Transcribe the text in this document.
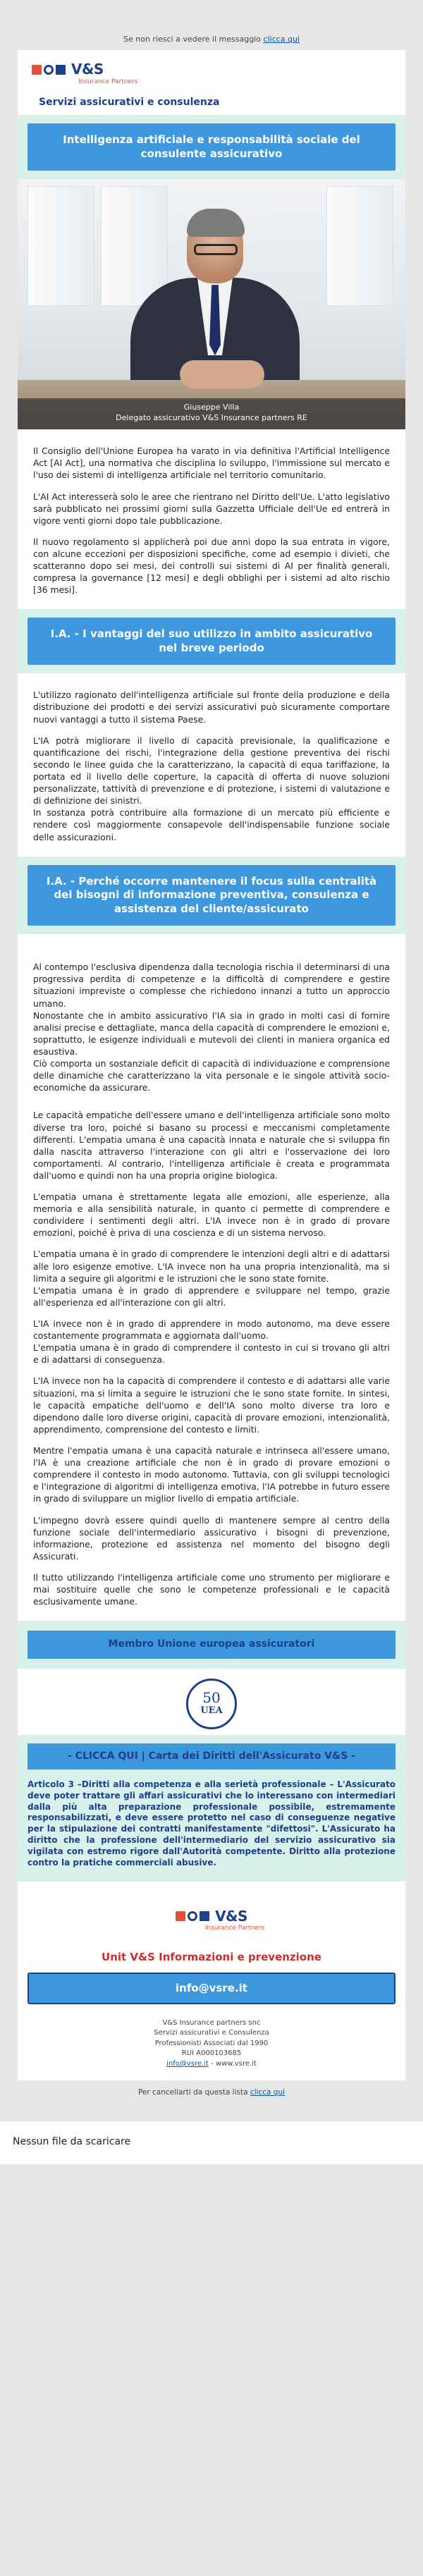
Se non riesci a vedere il messaggio clicca qui
V&S
Insurance Partners
Servizi assicurativi e consulenza
Intelligenza artificiale e responsabilità sociale del consulente assicurativo
Giuseppe Villa
Delegato assicurativo V&S Insurance partners RE

Il Consiglio dell'Unione Europea ha varato in via definitiva l'Artificial Intelligence Act [AI Act], una normativa che disciplina lo sviluppo, l'immissione sul mercato e l'uso dei sistemi di intelligenza artificiale nel territorio comunitario.

L'AI Act interesserà solo le aree che rientrano nel Diritto dell'Ue. L'atto legislativo sarà pubblicato nei prossimi giorni sulla Gazzetta Ufficiale dell'Ue ed entrerà in vigore venti giorni dopo tale pubblicazione.

Il nuovo regolamento si applicherà poi due anni dopo la sua entrata in vigore, con alcune eccezioni per disposizioni specifiche, come ad esempio i divieti, che scatteranno dopo sei mesi, dei controlli sui sistemi di AI per finalità generali, compresa la governance [12 mesi] e degli obblighi per i sistemi ad alto rischio [36 mesi].

I.A. - I vantaggi del suo utilizzo in ambito assicurativo nel breve periodo

L'utilizzo ragionato dell'intelligenza artificiale sul fronte della produzione e della distribuzione dei prodotti e dei servizi assicurativi può sicuramente comportare nuovi vantaggi a tutto il sistema Paese.

L'IA potrà migliorare il livello di capacità previsionale, la qualificazione e quantificazione dei rischi, l'integrazione della gestione preventiva dei rischi secondo le linee guida che la caratterizzano, la capacità di equa tariffazione, la portata ed il livello delle coperture, la capacità di offerta di nuove soluzioni personalizzate, tattività di prevenzione e di protezione, i sistemi di valutazione e di definizione dei sinistri.

In sostanza potrà contribuire alla formazione di un mercato più efficiente e rendere così maggiormente consapevole dell'indispensabile funzione sociale delle assicurazioni.

I.A. - Perché occorre mantenere il focus sulla centralità dei bisogni di informazione preventiva, consulenza e assistenza del cliente/assicurato

Al contempo l'esclusiva dipendenza dalla tecnologia rischia il determinarsi di una progressiva perdita di competenze e la difficoltà di comprendere e gestire situazioni impreviste o complesse che richiedono innanzi a tutto un approccio umano.

Nonostante che in ambito assicurativo l'IA sia in grado in molti casi di fornire analisi precise e dettagliate, manca della capacità di comprendere le emozioni e, soprattutto, le esigenze individuali e mutevoli dei clienti in maniera organica ed esaustiva.

Ciò comporta un sostanziale deficit di capacità di individuazione e comprensione delle dinamiche che caratterizzano la vita personale e le singole attività socio-economiche da assicurare.

Le capacità empatiche dell'essere umano e dell'intelligenza artificiale sono molto diverse tra loro, poiché si basano su processi e meccanismi completamente differenti. L'empatia umana è una capacità innata e naturale che si sviluppa fin dalla nascita attraverso l'interazione con gli altri e l'osservazione dei loro comportamenti. Al contrario, l'intelligenza artificiale è creata e programmata dall'uomo e quindi non ha una propria origine biologica.

L'empatia umana è strettamente legata alle emozioni, alle esperienze, alla memoria e alla sensibilità naturale, in quanto ci permette di comprendere e condividere i sentimenti degli altri. L'IA invece non è in grado di provare emozioni, poiché è priva di una coscienza e di un sistema nervoso.

L'empatia umana è in grado di comprendere le intenzioni degli altri e di adattarsi alle loro esigenze emotive. L'IA invece non ha una propria intenzionalità, ma si limita a seguire gli algoritmi e le istruzioni che le sono state fornite.

L'empatia umana è in grado di apprendere e sviluppare nel tempo, grazie all'esperienza ed all'interazione con gli altri.

L'IA invece non è in grado di apprendere in modo autonomo, ma deve essere costantemente programmata e aggiornata dall'uomo.

L'empatia umana è in grado di comprendere il contesto in cui si trovano gli altri e di adattarsi di conseguenza.

L'IA invece non ha la capacità di comprendere il contesto e di adattarsi alle varie situazioni, ma si limita a seguire le istruzioni che le sono state fornite. In sintesi, le capacità empatiche dell'uomo e dell'IA sono molto diverse tra loro e dipendono dalle loro diverse origini, capacità di provare emozioni, intenzionalità, apprendimento, comprensione del contesto e limiti.

Mentre l'empatia umana è una capacità naturale e intrinseca all'essere umano, l'IA è una creazione artificiale che non è in grado di provare emozioni o comprendere il contesto in modo autonomo. Tuttavia, con gli sviluppi tecnologici e l'integrazione di algoritmi di intelligenza emotiva, l'IA potrebbe in futuro essere in grado di sviluppare un miglior livello di empatia artificiale.

L'impegno dovrà essere quindi quello di mantenere sempre al centro della funzione sociale dell'intermediario assicurativo i bisogni di prevenzione, informazione, protezione ed assistenza nel momento del bisogno degli Assicurati.

Il tutto utilizzando l'intelligenza artificiale come uno strumento per migliorare e mai sostituire quelle che sono le competenze professionali e le capacità esclusivamente umane.

Membro Unione europea assicuratori
50
UEA
- CLICCA QUI | Carta dei Diritti dell'Assicurato V&S -
Articolo 3 –Diritti alla competenza e alla serietà professionale – L'Assicurato deve poter trattare gli affari assicurativi che lo interessano con intermediari dalla più alta preparazione professionale possibile, estremamente responsabilizzati, e deve essere protetto nel caso di conseguenze negative per la stipulazione dei contratti manifestamente "difettosi". L'Assicurato ha diritto che la professione dell'intermediario del servizio assicurativo sia vigilata con estremo rigore dall'Autorità competente. Diritto alla protezione contro la pratiche commerciali abusive.
V&S
Insurance Partners
Unit V&S Informazioni e prevenzione
info@vsre.it
V&S Insurance partners snc
Servizi assicurativi e Consulenza
Professionisti Associati dal 1990
RUI A000103685
info@vsre.it - www.vsre.it
Per cancellarti da questa lista clicca qui
Nessun file da scaricare
